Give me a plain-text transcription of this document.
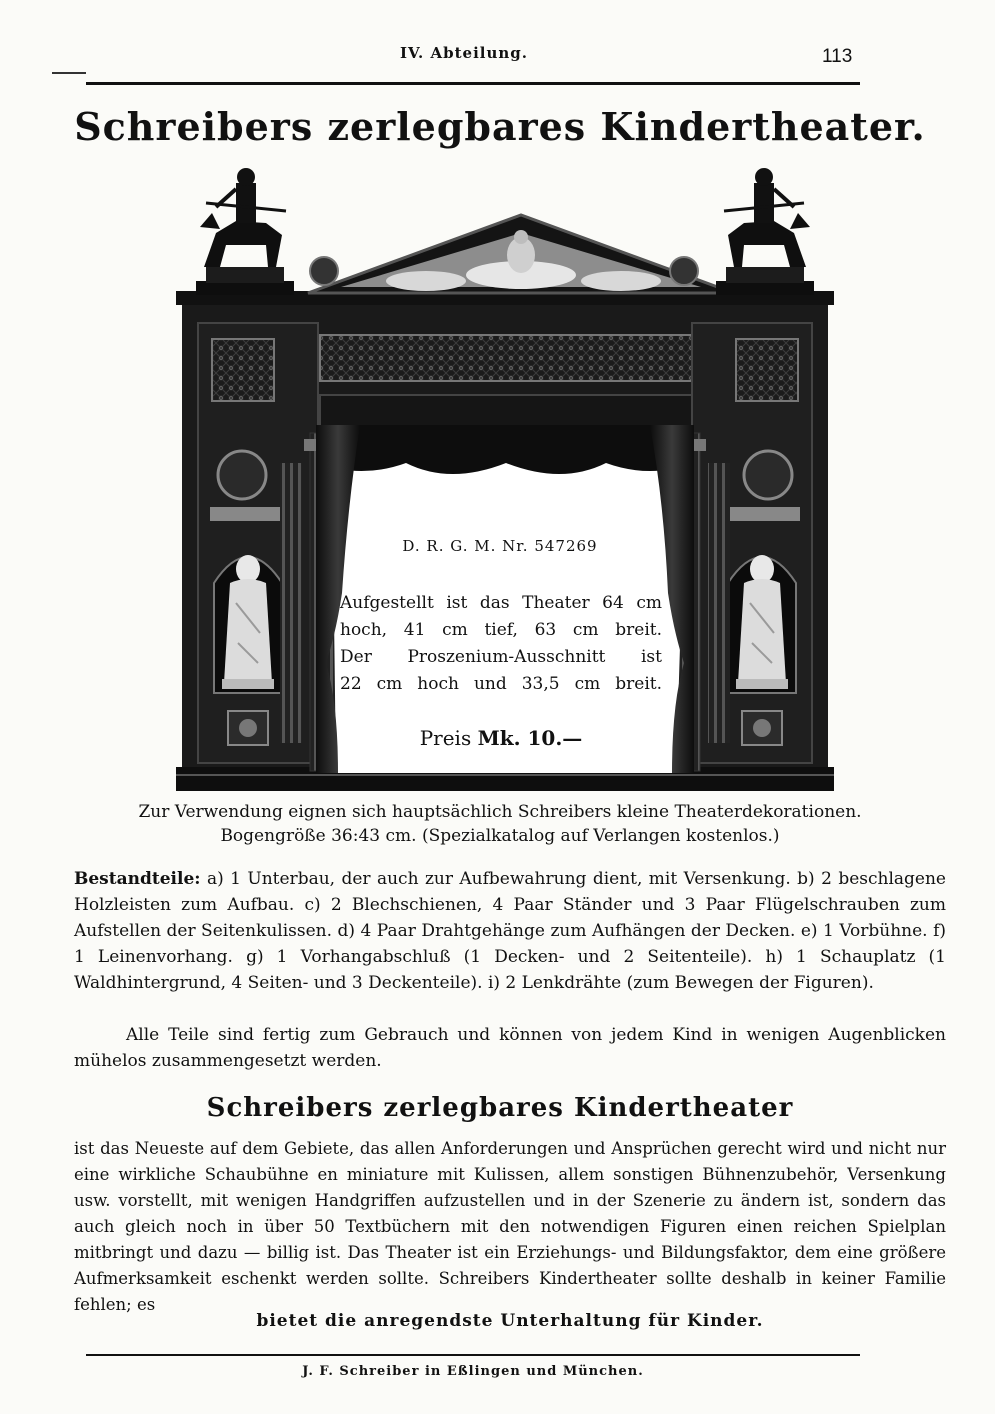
IV. Abteilung.	113
Schreibers zerlegbares Kindertheater.
D. R. G. M. Nr. 547269
Aufgestellt ist das Theater 64 cm
hoch, 41 cm tief, 63 cm breit.
Der Proszenium-Ausschnitt ist
22 cm hoch und 33,5 cm breit.
Preis Mk. 10.—
Zur Verwendung eignen sich hauptsächlich Schreibers kleine Theaterdekorationen.
Bogengröße 36:43 cm. (Spezialkatalog auf Verlangen kostenlos.)
Bestandteile: a) 1 Unterbau, der auch zur Aufbewahrung dient, mit Versenkung. b) 2 beschlagene Holzleisten zum Aufbau. c) 2 Blechschienen, 4 Paar Ständer und 3 Paar Flügelschrauben zum Aufstellen der Seitenkulissen. d) 4 Paar Drahtgehänge zum Aufhängen der Decken. e) 1 Vorbühne. f) 1 Leinenvorhang. g) 1 Vorhangabschluß (1 Decken- und 2 Seitenteile). h) 1 Schauplatz (1 Waldhintergrund, 4 Seiten- und 3 Deckenteile). i) 2 Lenkdrähte (zum Bewegen der Figuren).
Alle Teile sind fertig zum Gebrauch und können von jedem Kind in wenigen Augenblicken mühelos zusammengesetzt werden.
Schreibers zerlegbares Kindertheater
ist das Neueste auf dem Gebiete, das allen Anforderungen und Ansprüchen gerecht wird und nicht nur eine wirkliche Schaubühne en miniature mit Kulissen, allem sonstigen Bühnenzubehör, Versenkung usw. vorstellt, mit wenigen Handgriffen aufzustellen und in der Szenerie zu ändern ist, sondern das auch gleich noch in über 50 Textbüchern mit den notwendigen Figuren einen reichen Spielplan mitbringt und dazu — billig ist. Das Theater ist ein Erziehungs- und Bildungsfaktor, dem eine größere Aufmerksamkeit eschenkt werden sollte. Schreibers Kindertheater sollte deshalb in keiner Familie fehlen; es
bietet die anregendste Unterhaltung für Kinder.
J. F. Schreiber in Eßlingen und München.
